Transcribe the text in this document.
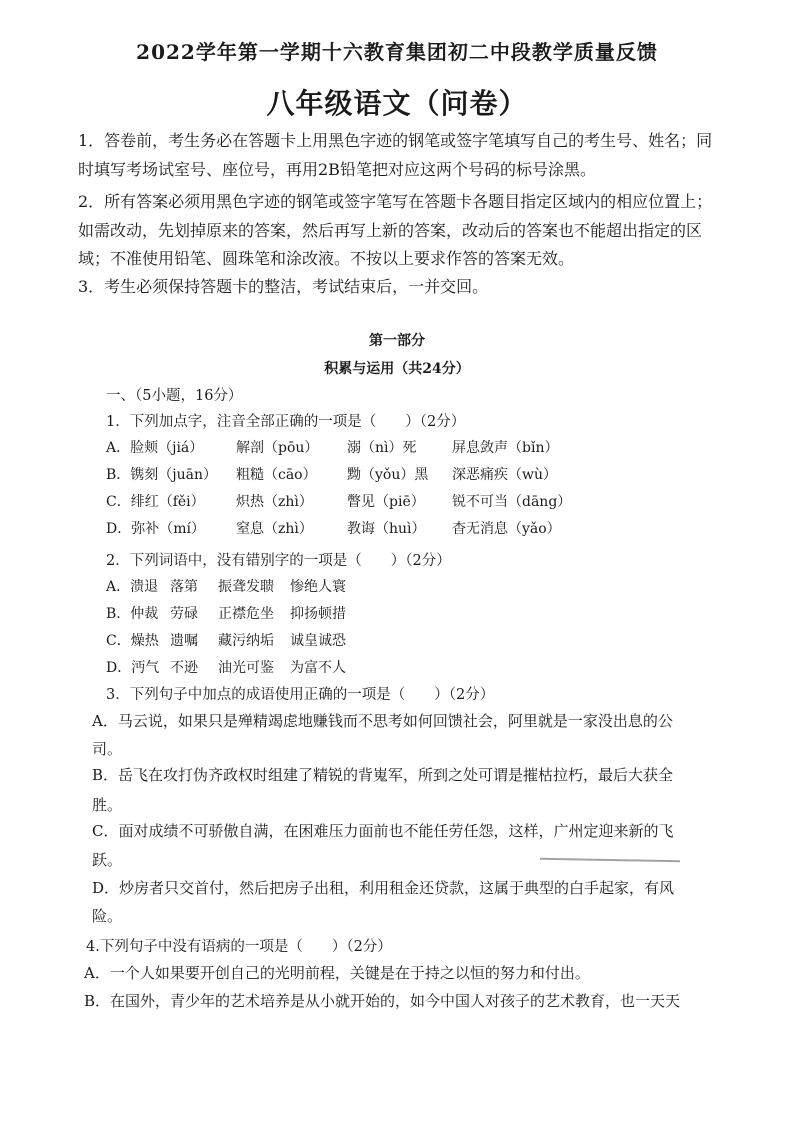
2022学年第一学期十六教育集团初二中段教学质量反馈
八年级语文（问卷）
1．答卷前，考生务必在答题卡上用黑色字迹的钢笔或签字笔填写自己的考生号、姓名；同
时填写考场试室号、座位号，再用2B铅笔把对应这两个号码的标号涂黑。
2．所有答案必须用黑色字迹的钢笔或签字笔写在答题卡各题目指定区域内的相应位置上；
如需改动，先划掉原来的答案，然后再写上新的答案，改动后的答案也不能超出指定的区
域；不准使用铅笔、圆珠笔和涂改液。不按以上要求作答的答案无效。
3．考生必须保持答题卡的整洁，考试结束后，一并交回。
第一部分
积累与运用（共24分）
一、（5小题，16分）
1．下列加点字，注音全部正确的一项是（　　）（2分）
A．脸颊（jiá） 解剖（pōu） 溺（nì）死	屏息敛声（bǐn）
B．镌刻（juān） 粗糙（cāo） 黝（yǒu）黑 深恶痛疾（wù）
C．绯红（fěi） 炽热（zhì） 瞥见（piē） 锐不可当（dāng）
D．弥补（mí） 窒息（zhì） 教诲（huì） 杳无消息（yǎo）
2．下列词语中，没有错别字的一项是（　　）（2分）
A．溃退 落第 振聋发聩 惨绝人寰
B．仲裁 劳碌 正襟危坐 抑扬顿措
C．燥热 遗嘱 藏污纳垢 诚皇诚恐
D．沔气 不逊 油光可鉴 为富不人
3．下列句子中加点的成语使用正确的一项是（　　）（2分）
A．马云说，如果只是殚精竭虑地赚钱而不思考如何回馈社会，阿里就是一家没出息的公
司。
B．岳飞在攻打伪齐政权时组建了精锐的背嵬军，所到之处可谓是摧枯拉朽，最后大获全
胜。
C．面对成绩不可骄傲自满，在困难压力面前也不能任劳任怨，这样，广州定迎来新的飞
跃。
D．炒房者只交首付，然后把房子出租，利用租金还贷款，这属于典型的白手起家，有风
险。
4.下列句子中没有语病的一项是（　　）（2分）
A．一个人如果要开创自己的光明前程，关键是在于持之以恒的努力和付出。
B．在国外，青少年的艺术培养是从小就开始的，如今中国人对孩子的艺术教育，也一天天
